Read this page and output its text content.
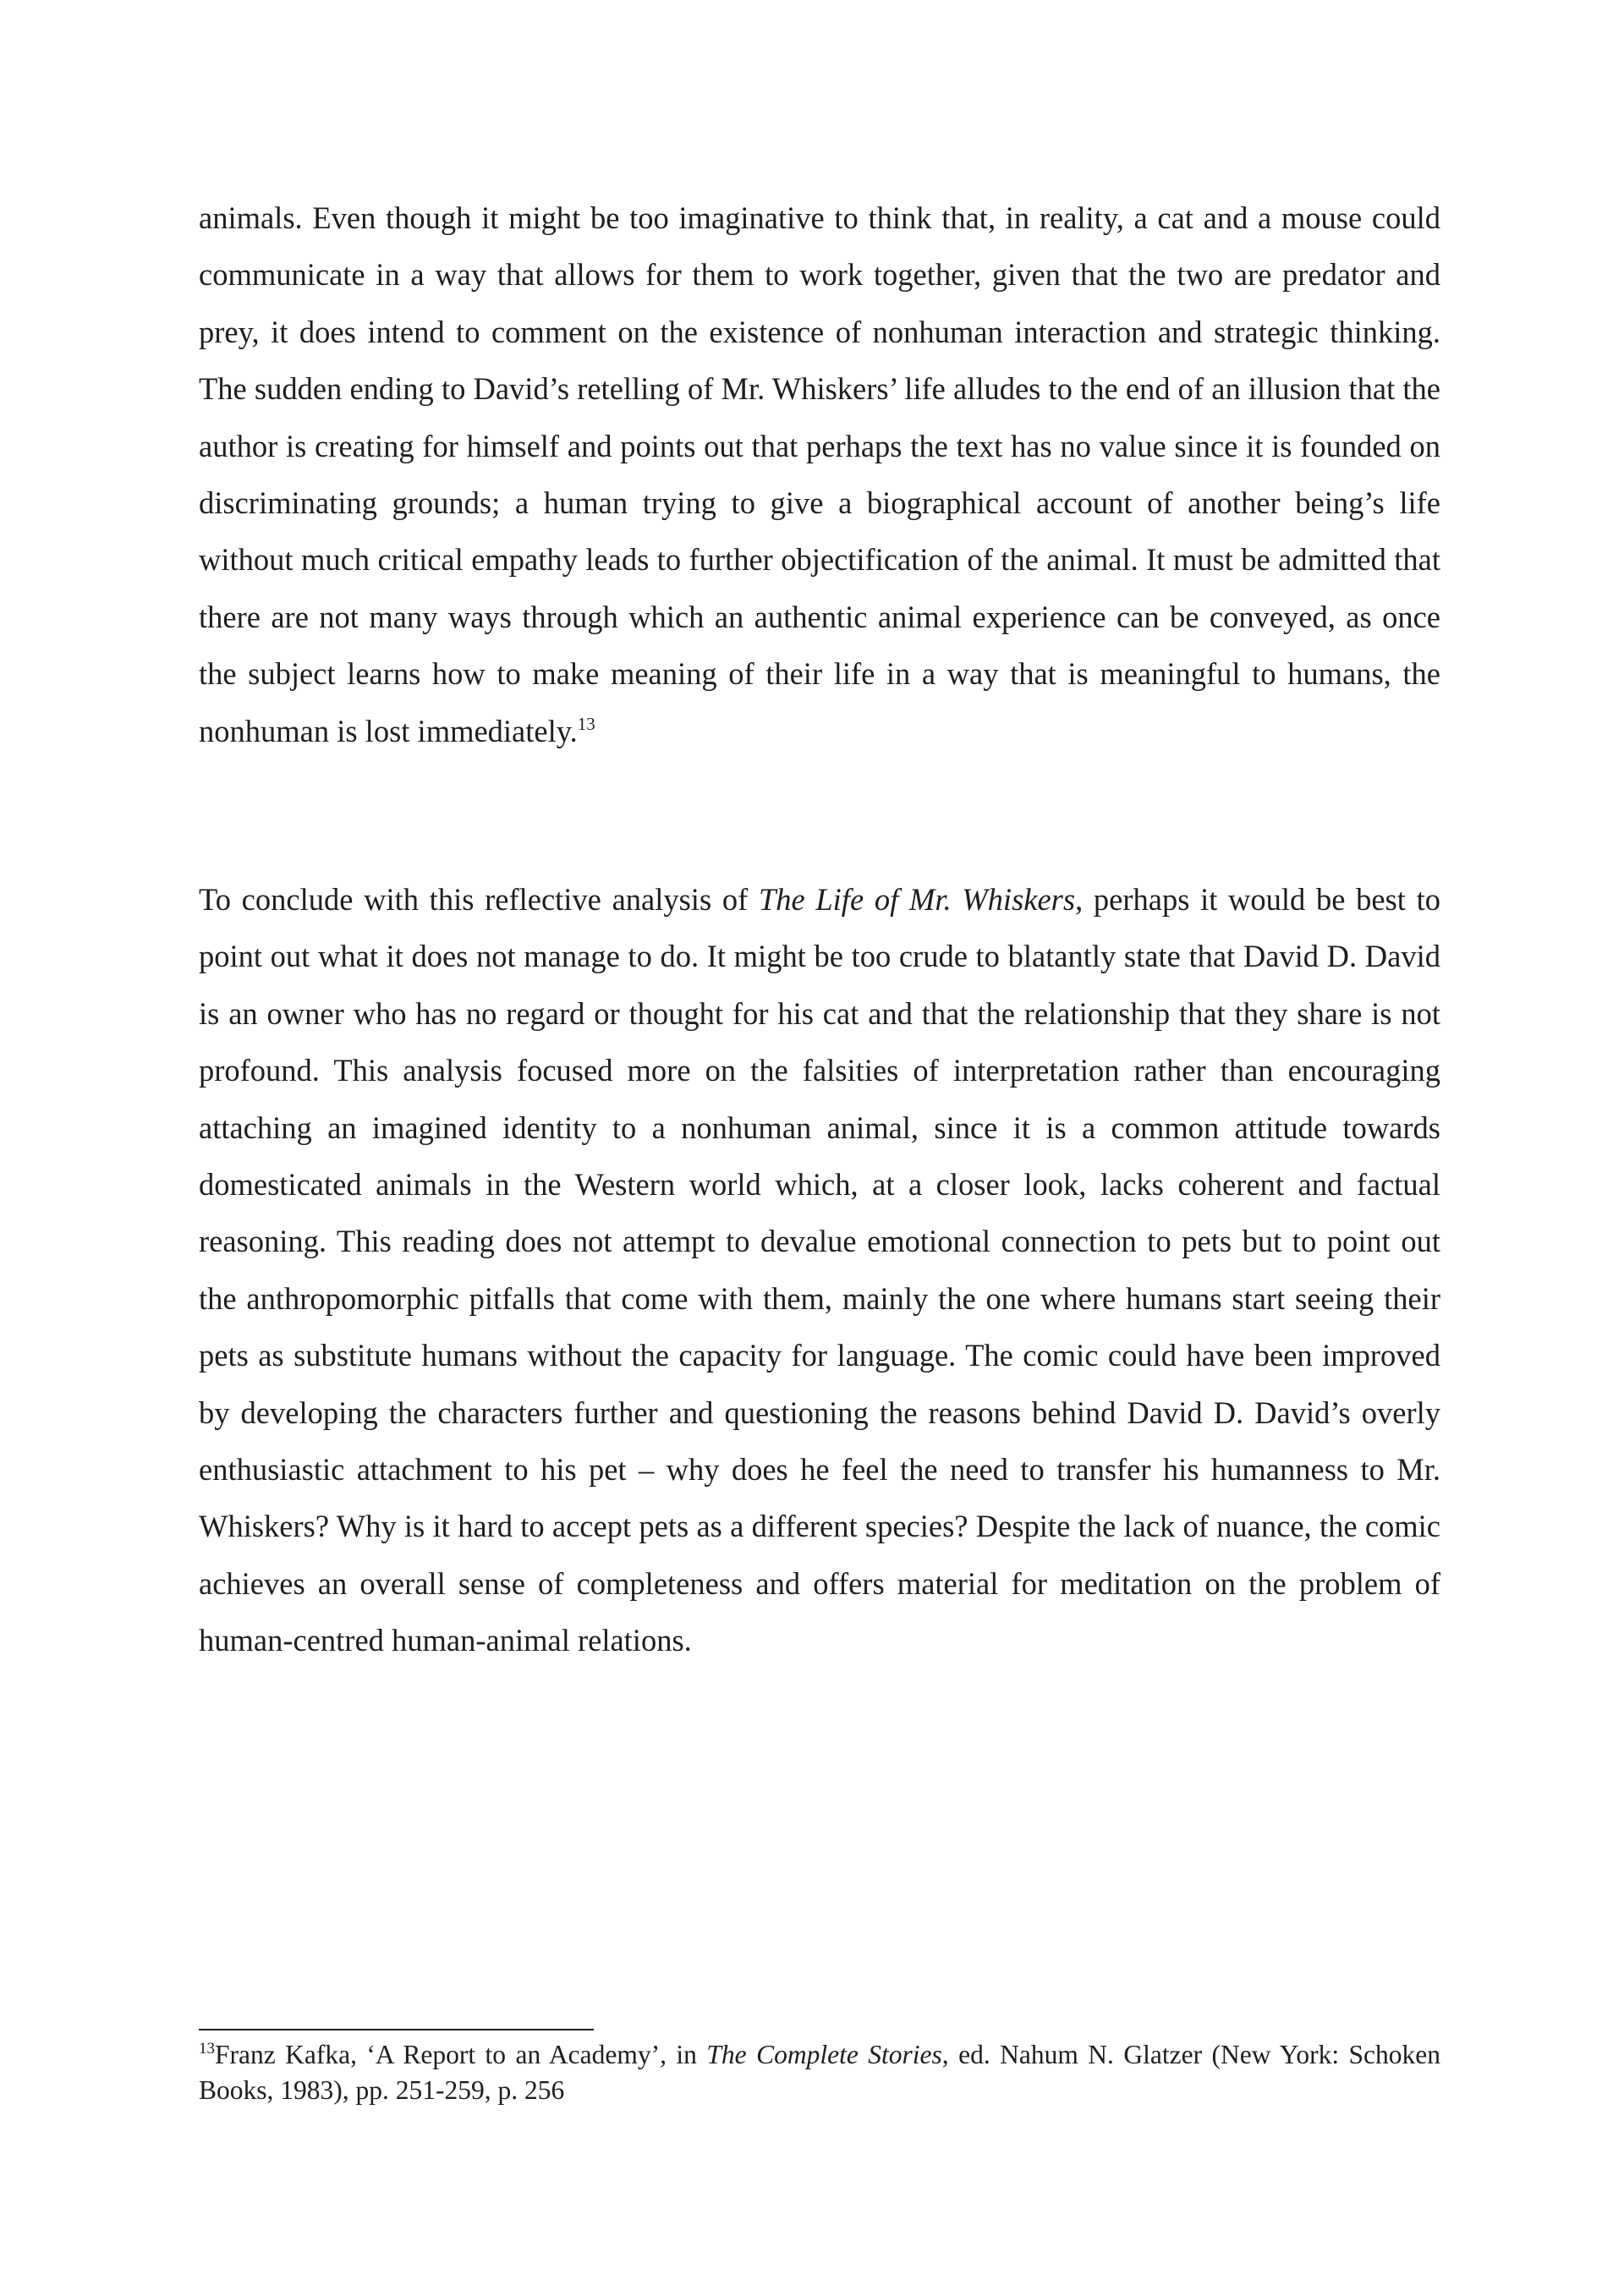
animals. Even though it might be too imaginative to think that, in reality, a cat and a mouse could communicate in a way that allows for them to work together, given that the two are predator and prey, it does intend to comment on the existence of nonhuman interaction and strategic thinking. The sudden ending to David’s retelling of Mr. Whiskers’ life alludes to the end of an illusion that the author is creating for himself and points out that perhaps the text has no value since it is founded on discriminating grounds; a human trying to give a biographical account of another being’s life without much critical empathy leads to further objectification of the animal. It must be admitted that there are not many ways through which an authentic animal experience can be conveyed, as once the subject learns how to make meaning of their life in a way that is meaningful to humans, the nonhuman is lost immediately.$^{13}$

To conclude with this reflective analysis of The Life of Mr. Whiskers, perhaps it would be best to point out what it does not manage to do. It might be too crude to blatantly state that David D. David is an owner who has no regard or thought for his cat and that the relationship that they share is not profound. This analysis focused more on the falsities of interpretation rather than encouraging attaching an imagined identity to a nonhuman animal, since it is a common attitude towards domesticated animals in the Western world which, at a closer look, lacks coherent and factual reasoning. This reading does not attempt to devalue emotional connection to pets but to point out the anthropomorphic pitfalls that come with them, mainly the one where humans start seeing their pets as substitute humans without the capacity for language. The comic could have been improved by developing the characters further and questioning the reasons behind David D. David’s overly enthusiastic attachment to his pet – why does he feel the need to transfer his humanness to Mr. Whiskers? Why is it hard to accept pets as a different species? Despite the lack of nuance, the comic achieves an overall sense of completeness and offers material for meditation on the problem of human-centred human-animal relations.

$^{13}$Franz Kafka, ‘A Report to an Academy’, in The Complete Stories, ed. Nahum N. Glatzer (New York: Schoken Books, 1983), pp. 251-259, p. 256
